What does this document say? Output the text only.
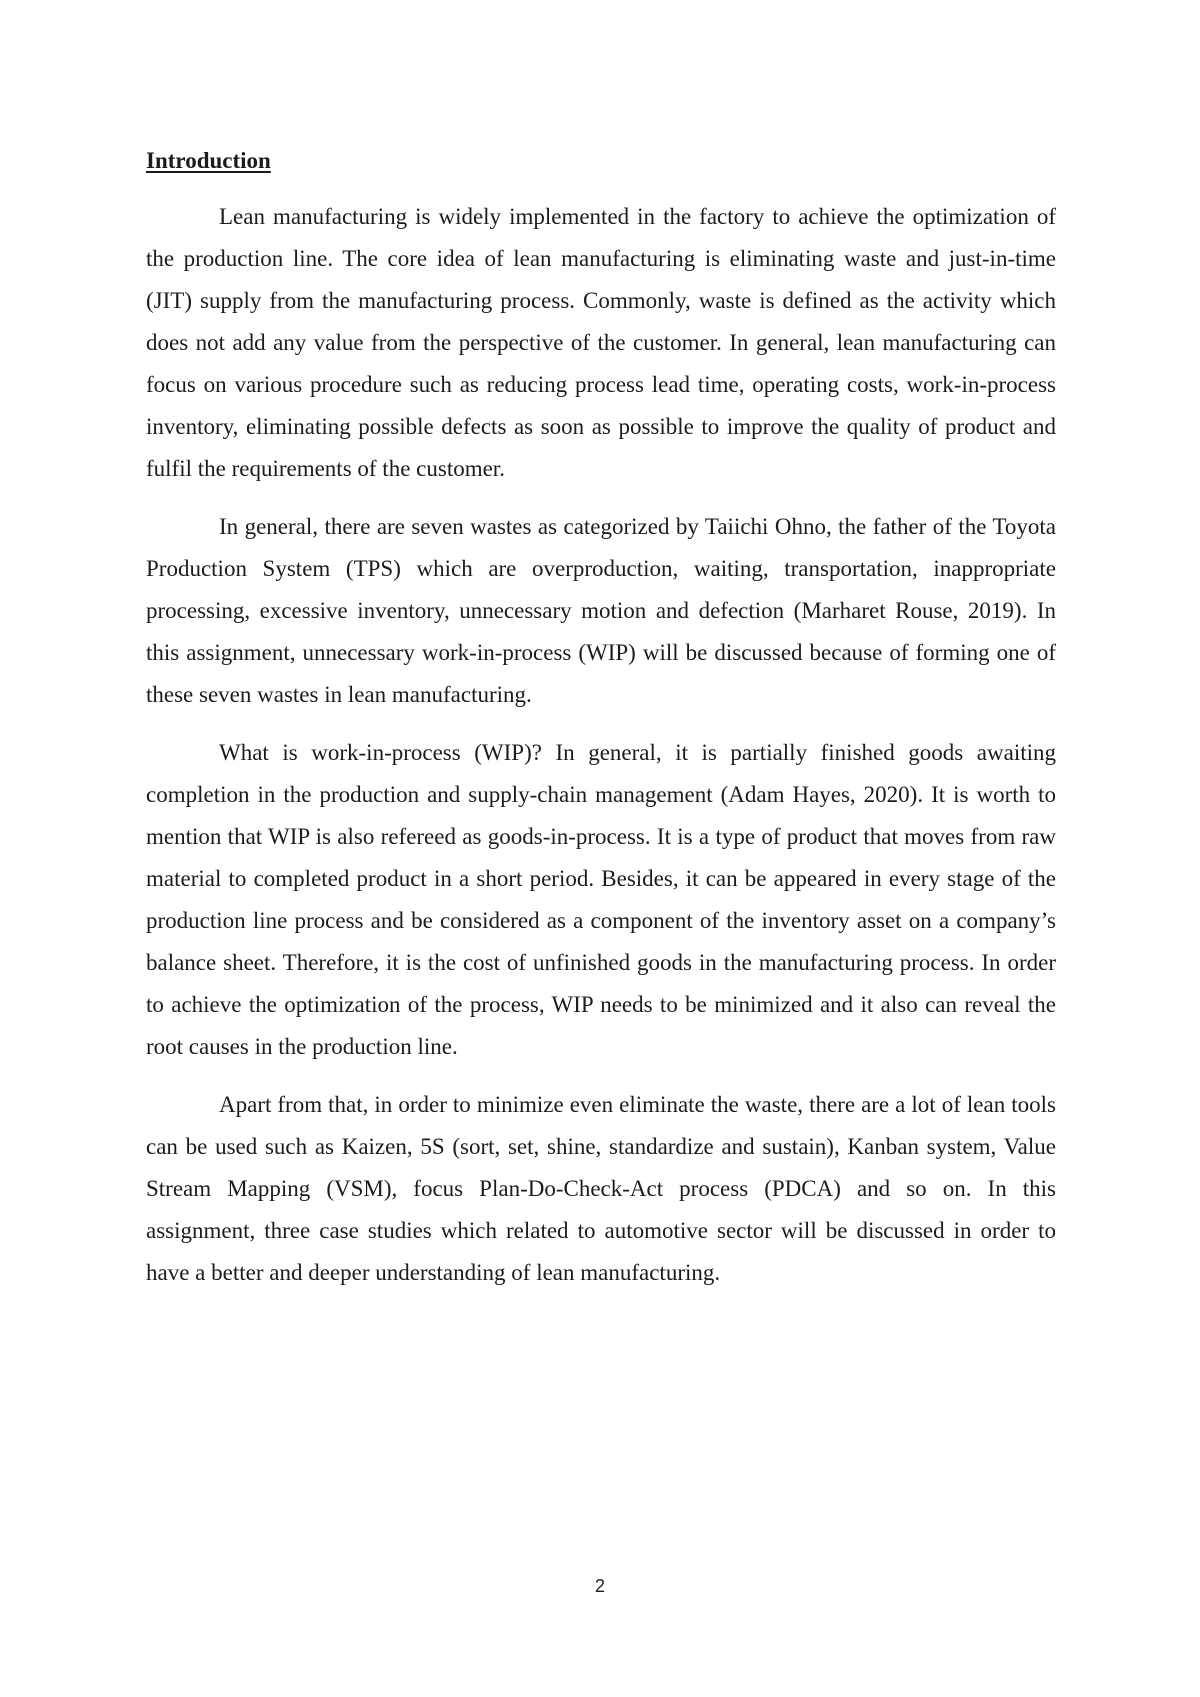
Introduction

Lean manufacturing is widely implemented in the factory to achieve the optimization of the production line. The core idea of lean manufacturing is eliminating waste and just-in-time (JIT) supply from the manufacturing process. Commonly, waste is defined as the activity which does not add any value from the perspective of the customer. In general, lean manufacturing can focus on various procedure such as reducing process lead time, operating costs, work-in-process inventory, eliminating possible defects as soon as possible to improve the quality of product and fulfil the requirements of the customer.

In general, there are seven wastes as categorized by Taiichi Ohno, the father of the Toyota Production System (TPS) which are overproduction, waiting, transportation, inappropriate processing, excessive inventory, unnecessary motion and defection (Marharet Rouse, 2019). In this assignment, unnecessary work-in-process (WIP) will be discussed because of forming one of these seven wastes in lean manufacturing.

What is work-in-process (WIP)? In general, it is partially finished goods awaiting completion in the production and supply-chain management (Adam Hayes, 2020). It is worth to mention that WIP is also refereed as goods-in-process. It is a type of product that moves from raw material to completed product in a short period. Besides, it can be appeared in every stage of the production line process and be considered as a component of the inventory asset on a company’s balance sheet. Therefore, it is the cost of unfinished goods in the manufacturing process. In order to achieve the optimization of the process, WIP needs to be minimized and it also can reveal the root causes in the production line.

Apart from that, in order to minimize even eliminate the waste, there are a lot of lean tools can be used such as Kaizen, 5S (sort, set, shine, standardize and sustain), Kanban system, Value Stream Mapping (VSM), focus Plan-Do-Check-Act process (PDCA) and so on. In this assignment, three case studies which related to automotive sector will be discussed in order to have a better and deeper understanding of lean manufacturing.

2
